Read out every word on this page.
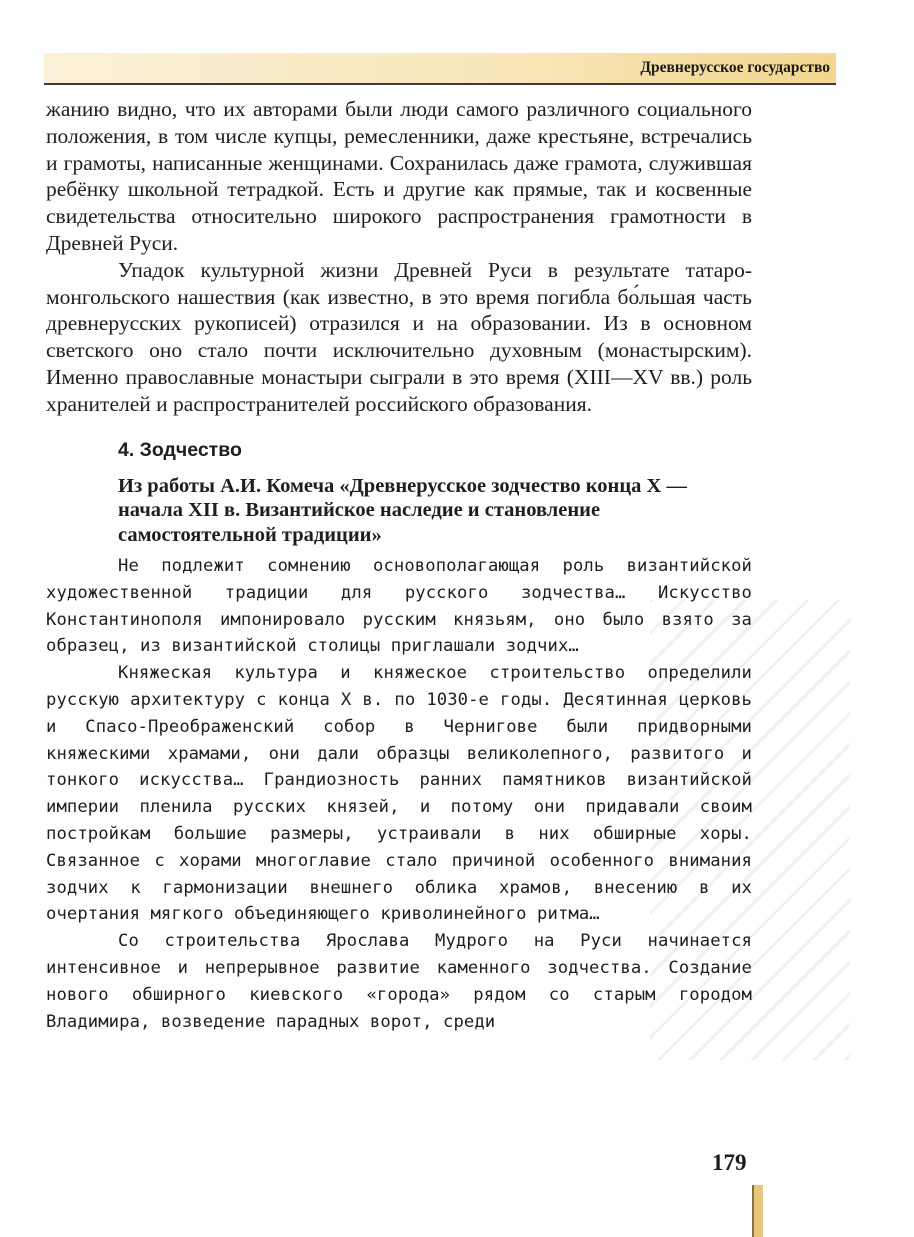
Древнерусское государство

жанию видно, что их авторами были люди самого различного социального положения, в том числе купцы, ремесленники, даже крестьяне, встречались и грамоты, написанные женщинами. Сохранилась даже грамота, служившая ребёнку школьной тетрадкой. Есть и другие как прямые, так и косвенные свидетельства относительно широкого распространения грамотности в Древней Руси.

Упадок культурной жизни Древней Руси в результате татаро-монгольского нашествия (как известно, в это время погибла бо́льшая часть древнерусских рукописей) отразился и на образовании. Из в основном светского оно стало почти исключительно духовным (монастырским). Именно православные монастыри сыграли в это время (XIII—XV вв.) роль хранителей и распространителей российского образования.

4. Зодчество
Из работы А.И. Комеча «Древнерусское зодчество конца X — начала XII в. Византийское наследие и становление самостоятельной традиции»

Не подлежит сомнению основополагающая роль византийской художественной традиции для русского зодчества… Искусство Константинополя импонировало русским князьям, оно было взято за образец, из византийской столицы приглашали зодчих…

Княжеская культура и княжеское строительство определили русскую архитектуру с конца X в. по 1030-е годы. Десятинная церковь и Спасо-Преображенский собор в Чернигове были придворными княжескими храмами, они дали образцы великолепного, развитого и тонкого искусства… Грандиозность ранних памятников византийской империи пленила русских князей, и потому они придавали своим постройкам большие размеры, устраивали в них обширные хоры. Связанное с хорами многоглавие стало причиной особенного внимания зодчих к гармонизации внешнего облика храмов, внесению в их очертания мягкого объединяющего криволинейного ритма…

Со строительства Ярослава Мудрого на Руси начинается интенсивное и непрерывное развитие каменного зодчества. Создание нового обширного киевского «города» рядом со старым городом Владимира, возведение парадных ворот, среди

179
